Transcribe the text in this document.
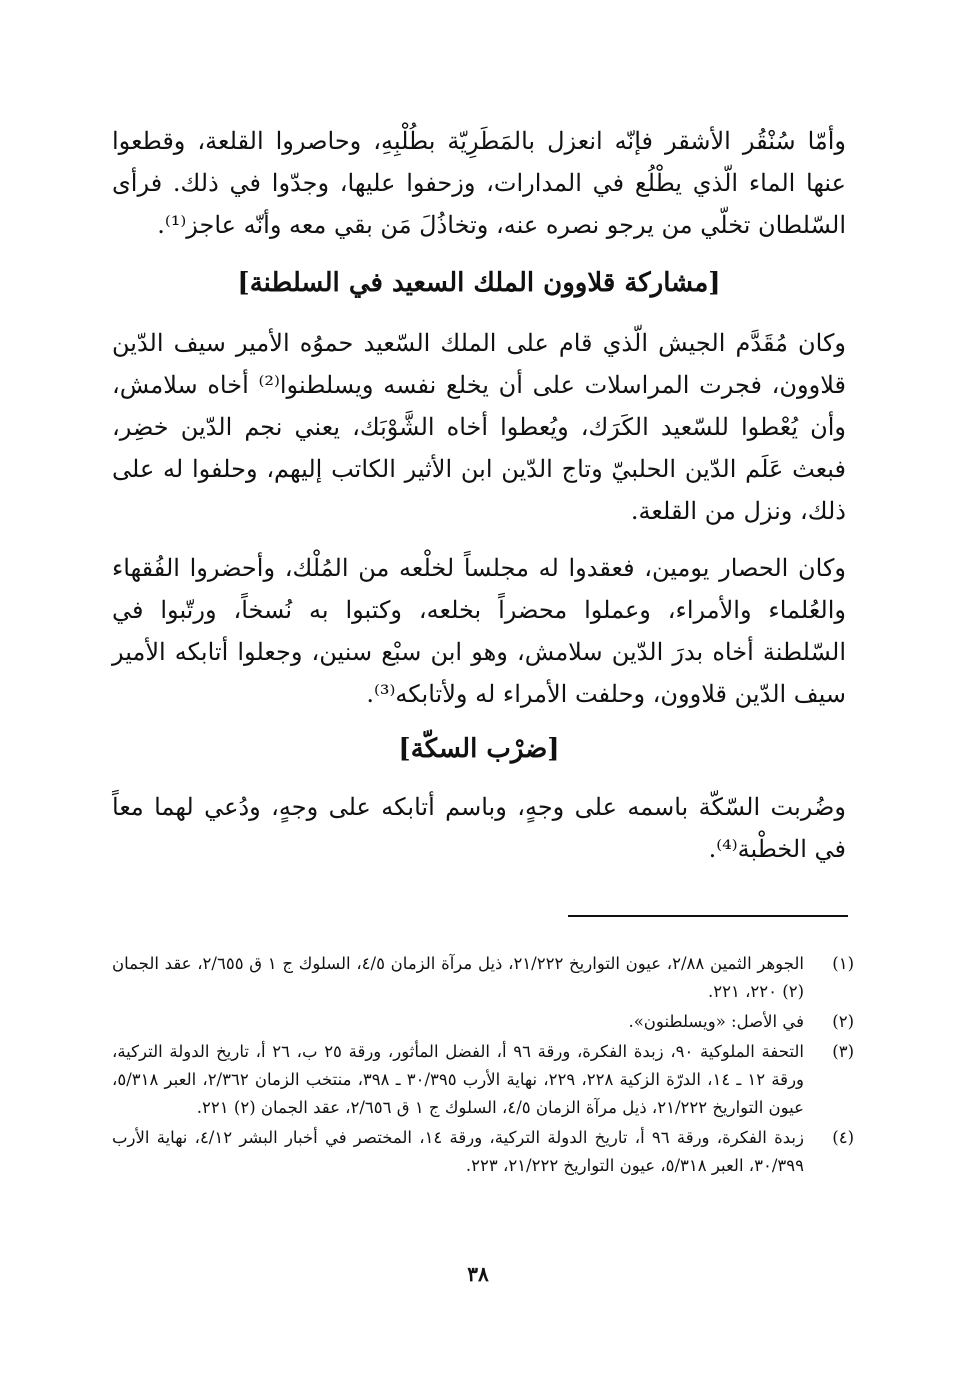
وأمّا سُنْقُر الأشقر فإنّه انعزل بالمَطَرِيّة بطُلْبِهِ، وحاصروا القلعة، وقطعوا عنها الماء الّذي يطْلُع في المدارات، وزحفوا عليها، وجدّوا في ذلك. فرأى السّلطان تخلّي من يرجو نصره عنه، وتخاذُلَ مَن بقي معه وأنّه عاجز⁽¹⁾.

[مشاركة قلاوون الملك السعيد في السلطنة]

وكان مُقَدَّم الجيش الّذي قام على الملك السّعيد حموُه الأمير سيف الدّين قلاوون، فجرت المراسلات على أن يخلع نفسه ويسلطنوا⁽²⁾ أخاه سلامش، وأن يُعْطوا للسّعيد الكَرَك، ويُعطوا أخاه الشَّوْبَك، يعني نجم الدّين خضِر، فبعث عَلَم الدّين الحلبيّ وتاج الدّين ابن الأثير الكاتب إليهم، وحلفوا له على ذلك، ونزل من القلعة.

وكان الحصار يومين، فعقدوا له مجلساً لخلْعه من المُلْك، وأحضروا الفُقهاء والعُلماء والأمراء، وعملوا محضراً بخلعه، وكتبوا به نُسخاً، ورتّبوا في السّلطنة أخاه بدرَ الدّين سلامش، وهو ابن سبْع سنين، وجعلوا أتابكه الأمير سيف الدّين قلاوون، وحلفت الأمراء له ولأتابكه⁽³⁾.

[ضرْب السكّة]

وضُربت السّكّة باسمه على وجهٍ، وباسم أتابكه على وجهٍ، ودُعي لهما معاً في الخطْبة⁽⁴⁾.

(١)
الجوهر الثمين ٢/٨٨، عيون التواريخ ٢١/٢٢٢، ذيل مرآة الزمان ٤/٥، السلوك ج ١ ق ٢/٦٥٥، عقد الجمان (٢) ٢٢٠، ٢٢١.
(٢)
في الأصل: «ويسلطنون».
(٣)
التحفة الملوكية ٩٠، زبدة الفكرة، ورقة ٩٦ أ، الفضل المأثور، ورقة ٢٥ ب، ٢٦ أ، تاريخ الدولة التركية، ورقة ١٢ ـ ١٤، الدرّة الزكية ٢٢٨، ٢٢٩، نهاية الأرب ٣٠/٣٩٥ ـ ٣٩٨، منتخب الزمان ٢/٣٦٢، العبر ٥/٣١٨، عيون التواريخ ٢١/٢٢٢، ذيل مرآة الزمان ٤/٥، السلوك ج ١ ق ٢/٦٥٦، عقد الجمان (٢) ٢٢١.
(٤)
زبدة الفكرة، ورقة ٩٦ أ، تاريخ الدولة التركية، ورقة ١٤، المختصر في أخبار البشر ٤/١٢، نهاية الأرب ٣٠/٣٩٩، العبر ٥/٣١٨، عيون التواريخ ٢١/٢٢٢، ٢٢٣.
٣٨
